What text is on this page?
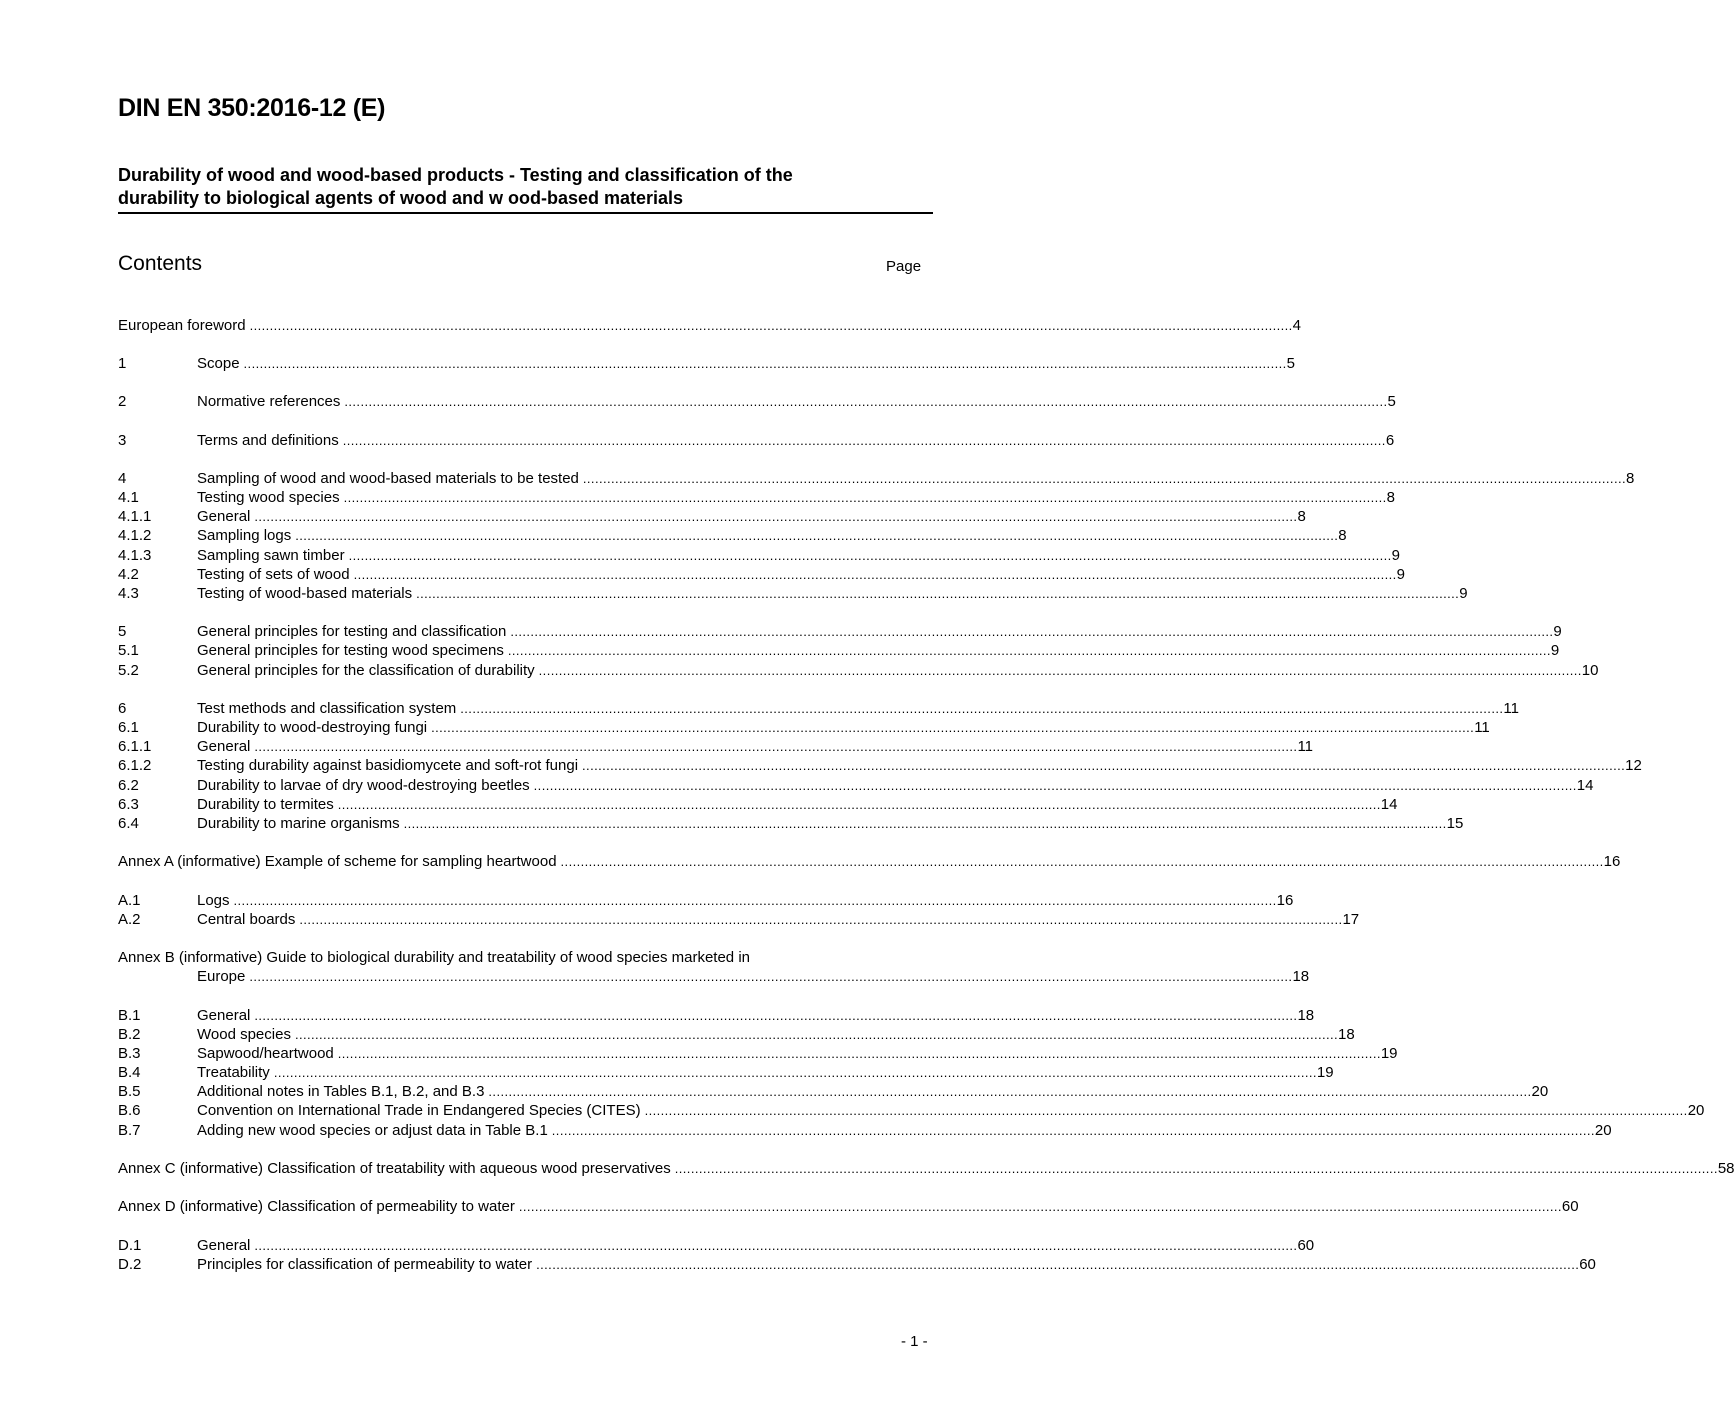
DIN EN 350:2016-12 (E)
Durability of wood and wood-based products - Testing and classification of the
durability to biological agents of wood and w ood-based materials
Contents	Page
European foreword .................................................................................................................................................................................................................................................................... 4
1	Scope .................................................................................................................................................................................................................................................................... 5
2	Normative references .................................................................................................................................................................................................................................................................... 5
3	Terms and definitions .................................................................................................................................................................................................................................................................... 6
4	Sampling of wood and wood-based materials to be tested .................................................................................................................................................................................................................................................................... 8
4.1	Testing wood species .................................................................................................................................................................................................................................................................... 8
4.1.1	General .................................................................................................................................................................................................................................................................... 8
4.1.2	Sampling logs .................................................................................................................................................................................................................................................................... 8
4.1.3	Sampling sawn timber .................................................................................................................................................................................................................................................................... 9
4.2	Testing of sets of wood .................................................................................................................................................................................................................................................................... 9
4.3	Testing of wood-based materials .................................................................................................................................................................................................................................................................... 9
5	General principles for testing and classification .................................................................................................................................................................................................................................................................... 9
5.1	General principles for testing wood specimens .................................................................................................................................................................................................................................................................... 9
5.2	General principles for the classification of durability .................................................................................................................................................................................................................................................................... 10
6	Test methods and classification system .................................................................................................................................................................................................................................................................... 11
6.1	Durability to wood-destroying fungi .................................................................................................................................................................................................................................................................... 11
6.1.1	General .................................................................................................................................................................................................................................................................... 11
6.1.2	Testing durability against basidiomycete and soft-rot fungi .................................................................................................................................................................................................................................................................... 12
6.2	Durability to larvae of dry wood-destroying beetles .................................................................................................................................................................................................................................................................... 14
6.3	Durability to termites .................................................................................................................................................................................................................................................................... 14
6.4	Durability to marine organisms .................................................................................................................................................................................................................................................................... 15
Annex A (informative) Example of scheme for sampling heartwood .................................................................................................................................................................................................................................................................... 16
A.1	Logs .................................................................................................................................................................................................................................................................... 16
A.2	Central boards .................................................................................................................................................................................................................................................................... 17
Annex B (informative) Guide to biological durability and treatability of wood species marketed in
Europe .................................................................................................................................................................................................................................................................... 18
B.1	General .................................................................................................................................................................................................................................................................... 18
B.2	Wood species .................................................................................................................................................................................................................................................................... 18
B.3	Sapwood/heartwood .................................................................................................................................................................................................................................................................... 19
B.4	Treatability .................................................................................................................................................................................................................................................................... 19
B.5	Additional notes in Tables B.1, B.2, and B.3 .................................................................................................................................................................................................................................................................... 20
B.6	Convention on International Trade in Endangered Species (CITES) .................................................................................................................................................................................................................................................................... 20
B.7	Adding new wood species or adjust data in Table B.1 .................................................................................................................................................................................................................................................................... 20
Annex C (informative) Classification of treatability with aqueous wood preservatives .................................................................................................................................................................................................................................................................... 58
Annex D (informative) Classification of permeability to water .................................................................................................................................................................................................................................................................... 60
D.1	General .................................................................................................................................................................................................................................................................... 60
D.2	Principles for classification of permeability to water .................................................................................................................................................................................................................................................................... 60
- 1 -
